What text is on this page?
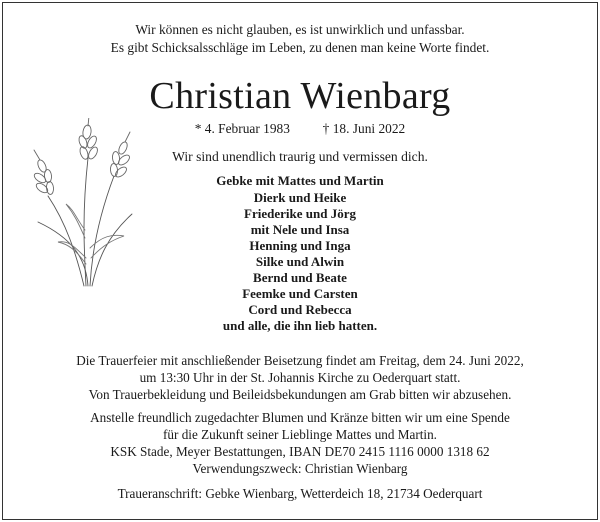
Wir können es nicht glauben, es ist unwirklich und unfassbar.
Es gibt Schicksalsschläge im Leben, zu denen man keine Worte findet.
Christian Wienbarg
* 4. Februar 1983 † 18. Juni 2022
Wir sind unendlich traurig und vermissen dich.
Gebke mit Mattes und Martin
Dierk und Heike
Friederike und Jörg
mit Nele und Insa
Henning und Inga
Silke und Alwin
Bernd und Beate
Feemke und Carsten
Cord und Rebecca
und alle, die ihn lieb hatten.
Die Trauerfeier mit anschließender Beisetzung findet am Freitag, dem 24. Juni 2022,
um 13:30 Uhr in der St. Johannis Kirche zu Oederquart statt.
Von Trauerbekleidung und Beileidsbekundungen am Grab bitten wir abzusehen.
Anstelle freundlich zugedachter Blumen und Kränze bitten wir um eine Spende
für die Zukunft seiner Lieblinge Mattes und Martin.
KSK Stade, Meyer Bestattungen, IBAN DE70 2415 1116 0000 1318 62
Verwendungszweck: Christian Wienbarg
Traueranschrift: Gebke Wienbarg, Wetterdeich 18, 21734 Oederquart
